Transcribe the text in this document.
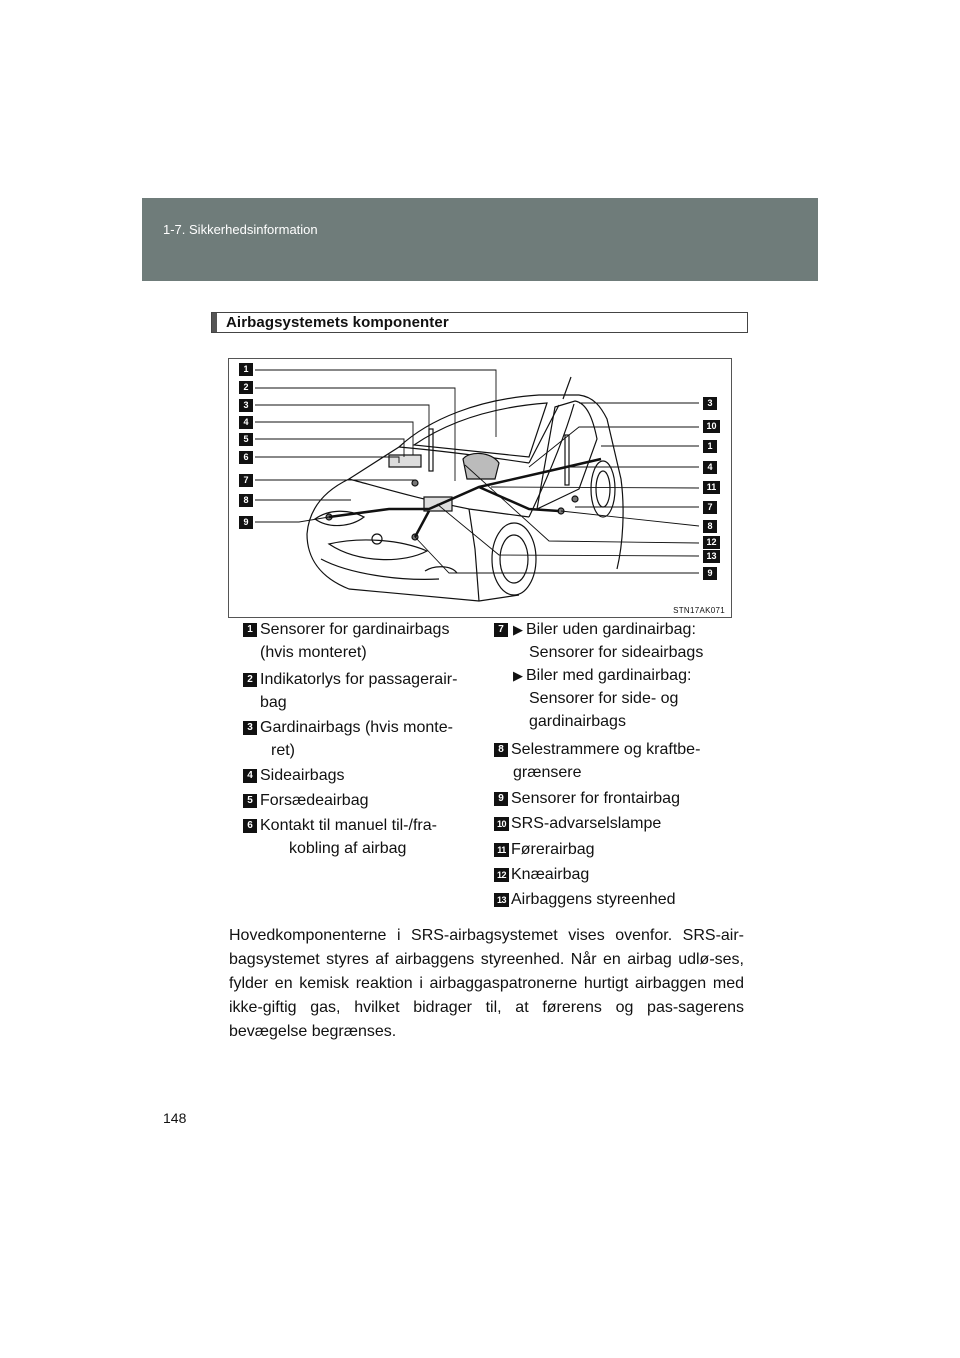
1-7. Sikkerhedsinformation
Airbagsystemets komponenter
1
2
3
4
5
6
7
8
9
3
10
1
4
11
7
8
12
13
9
STN17AK071
1 Sensorer for gardinairbags
(hvis monteret)
2 Indikatorlys for passagerair-
bag
3 Gardinairbags (hvis monte-
ret)
4 Sideairbags
5 Forsædeairbag
6 Kontakt til manuel til-/fra-
kobling af airbag
7 ▶ Biler uden gardinairbag:
Sensorer for sideairbags
▶ Biler med gardinairbag:
Sensorer for side- og
gardinairbags
8 Selestrammere og kraftbe-
grænsere
9 Sensorer for frontairbag
10 SRS-advarselslampe
11 Førerairbag
12 Knæairbag
13 Airbaggens styreenhed

Hovedkomponenterne i SRS-airbagsystemet vises ovenfor. SRS-air-bagsystemet styres af airbaggens styreenhed. Når en airbag udlø-ses, fylder en kemisk reaktion i airbaggaspatronerne hurtigt airbaggen med ikke-giftig gas, hvilket bidrager til, at førerens og pas-sagerens bevægelse begrænses.

148
